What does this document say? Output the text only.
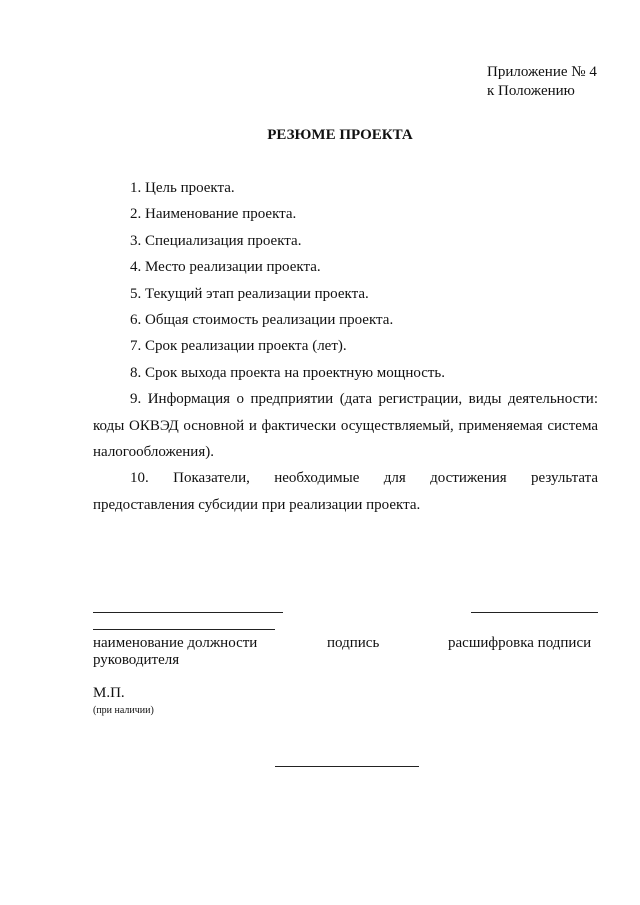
Приложение № 4
к Положению
РЕЗЮМЕ ПРОЕКТА
1. Цель проекта.
2. Наименование проекта.
3. Специализация проекта.
4. Место реализации проекта.
5. Текущий этап реализации проекта.
6. Общая стоимость реализации проекта.
7. Срок реализации проекта (лет).
8. Срок выхода проекта на проектную мощность.
9. Информация о предприятии (дата регистрации, виды деятельности:
коды ОКВЭД основной и фактически осуществляемый, применяемая система
налогообложения).
10. Показатели, необходимые для достижения результата
предоставления субсидии при реализации проекта.
наименование должности	подпись	расшифровка подписи
руководителя
М.П.
(при наличии)
